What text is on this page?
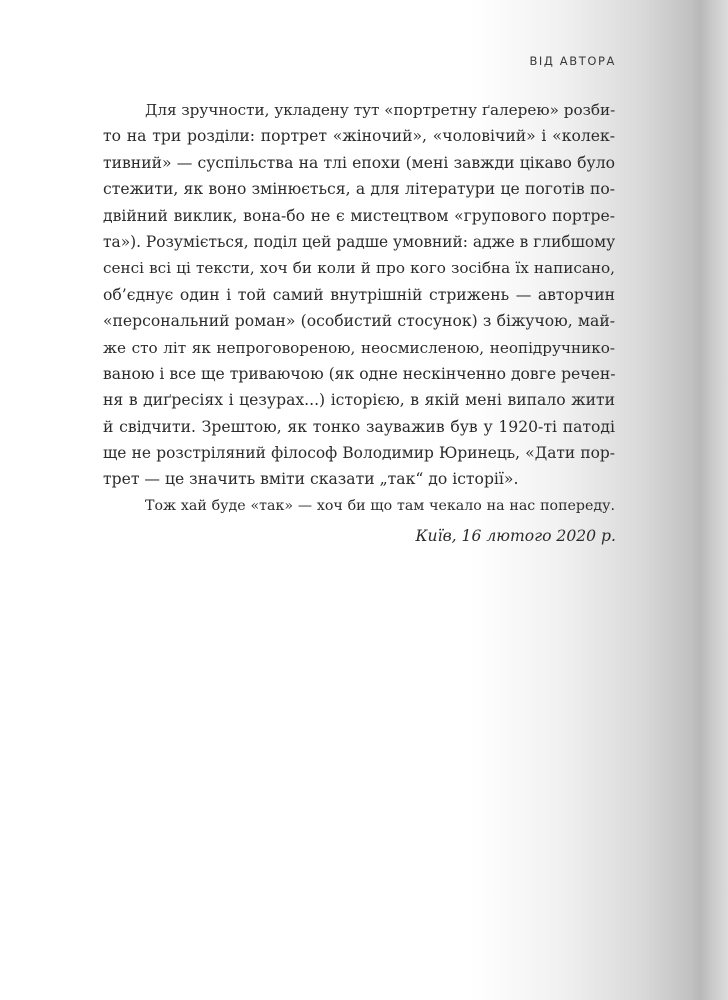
ВІД АВТОРА
Для зручности, укладену тут «портретну ґалерею» розби-
то на три розділи: портрет «жіночий», «чоловічий» і «колек-
тивний» — суспільства на тлі епохи (мені завжди цікаво було
стежити, як воно змінюється, а для літератури це поготів по-
двійний виклик, вона-бо не є мистецтвом «групового портре-
та»). Розуміється, поділ цей радше умовний: адже в глибшому
сенсі всі ці тексти, хоч би коли й про кого зосібна їх написано,
об’єднує один і той самий внутрішній стрижень — авторчин
«персональний роман» (особистий стосунок) з біжучою, май-
же сто літ як непроговореною, неосмисленою, неопідручнико-
ваною і все ще триваючою (як одне нескінченно довге речен-
ня в диґресіях і цезурах...) історією, в якій мені випало жити
й свідчити. Зрештою, як тонко зауважив був у 1920-ті патоді
ще не розстріляний філософ Володимир Юринець, «Дати пор-
трет — це значить вміти сказати „так“ до історії».
Тож хай буде «так» — хоч би що там чекало на нас попереду.
Київ, 16 лютого 2020 р.
